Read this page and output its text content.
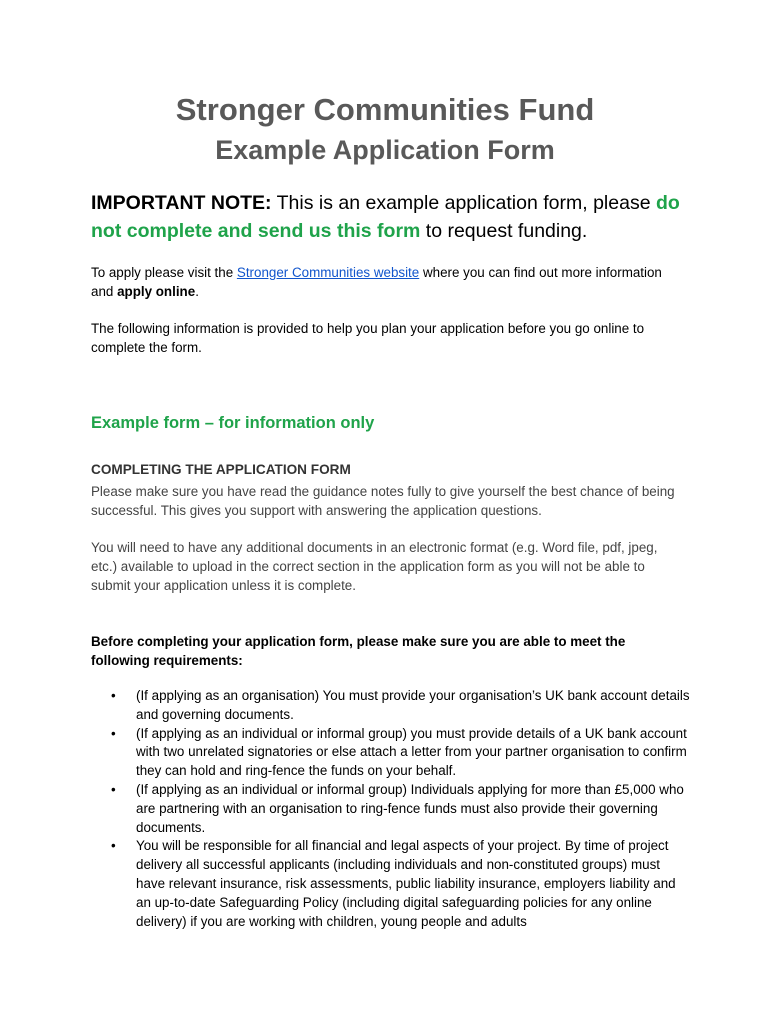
Stronger Communities Fund
Example Application Form
IMPORTANT NOTE: This is an example application form, please do not complete and send us this form to request funding.
To apply please visit the Stronger Communities website where you can find out more information and apply online.
The following information is provided to help you plan your application before you go online to complete the form.
Example form – for information only
COMPLETING THE APPLICATION FORM
Please make sure you have read the guidance notes fully to give yourself the best chance of being successful. This gives you support with answering the application questions.
You will need to have any additional documents in an electronic format (e.g. Word file, pdf, jpeg, etc.) available to upload in the correct section in the application form as you will not be able to submit your application unless it is complete.
Before completing your application form, please make sure you are able to meet the following requirements:
• (If applying as an organisation) You must provide your organisation’s UK bank account details and governing documents.
• (If applying as an individual or informal group) you must provide details of a UK bank account with two unrelated signatories or else attach a letter from your partner organisation to confirm they can hold and ring-fence the funds on your behalf.
• (If applying as an individual or informal group) Individuals applying for more than £5,000 who are partnering with an organisation to ring-fence funds must also provide their governing documents.
• You will be responsible for all financial and legal aspects of your project. By time of project delivery all successful applicants (including individuals and non-constituted groups) must have relevant insurance, risk assessments, public liability insurance, employers liability and an up-to-date Safeguarding Policy (including digital safeguarding policies for any online delivery) if you are working with children, young people and adults
